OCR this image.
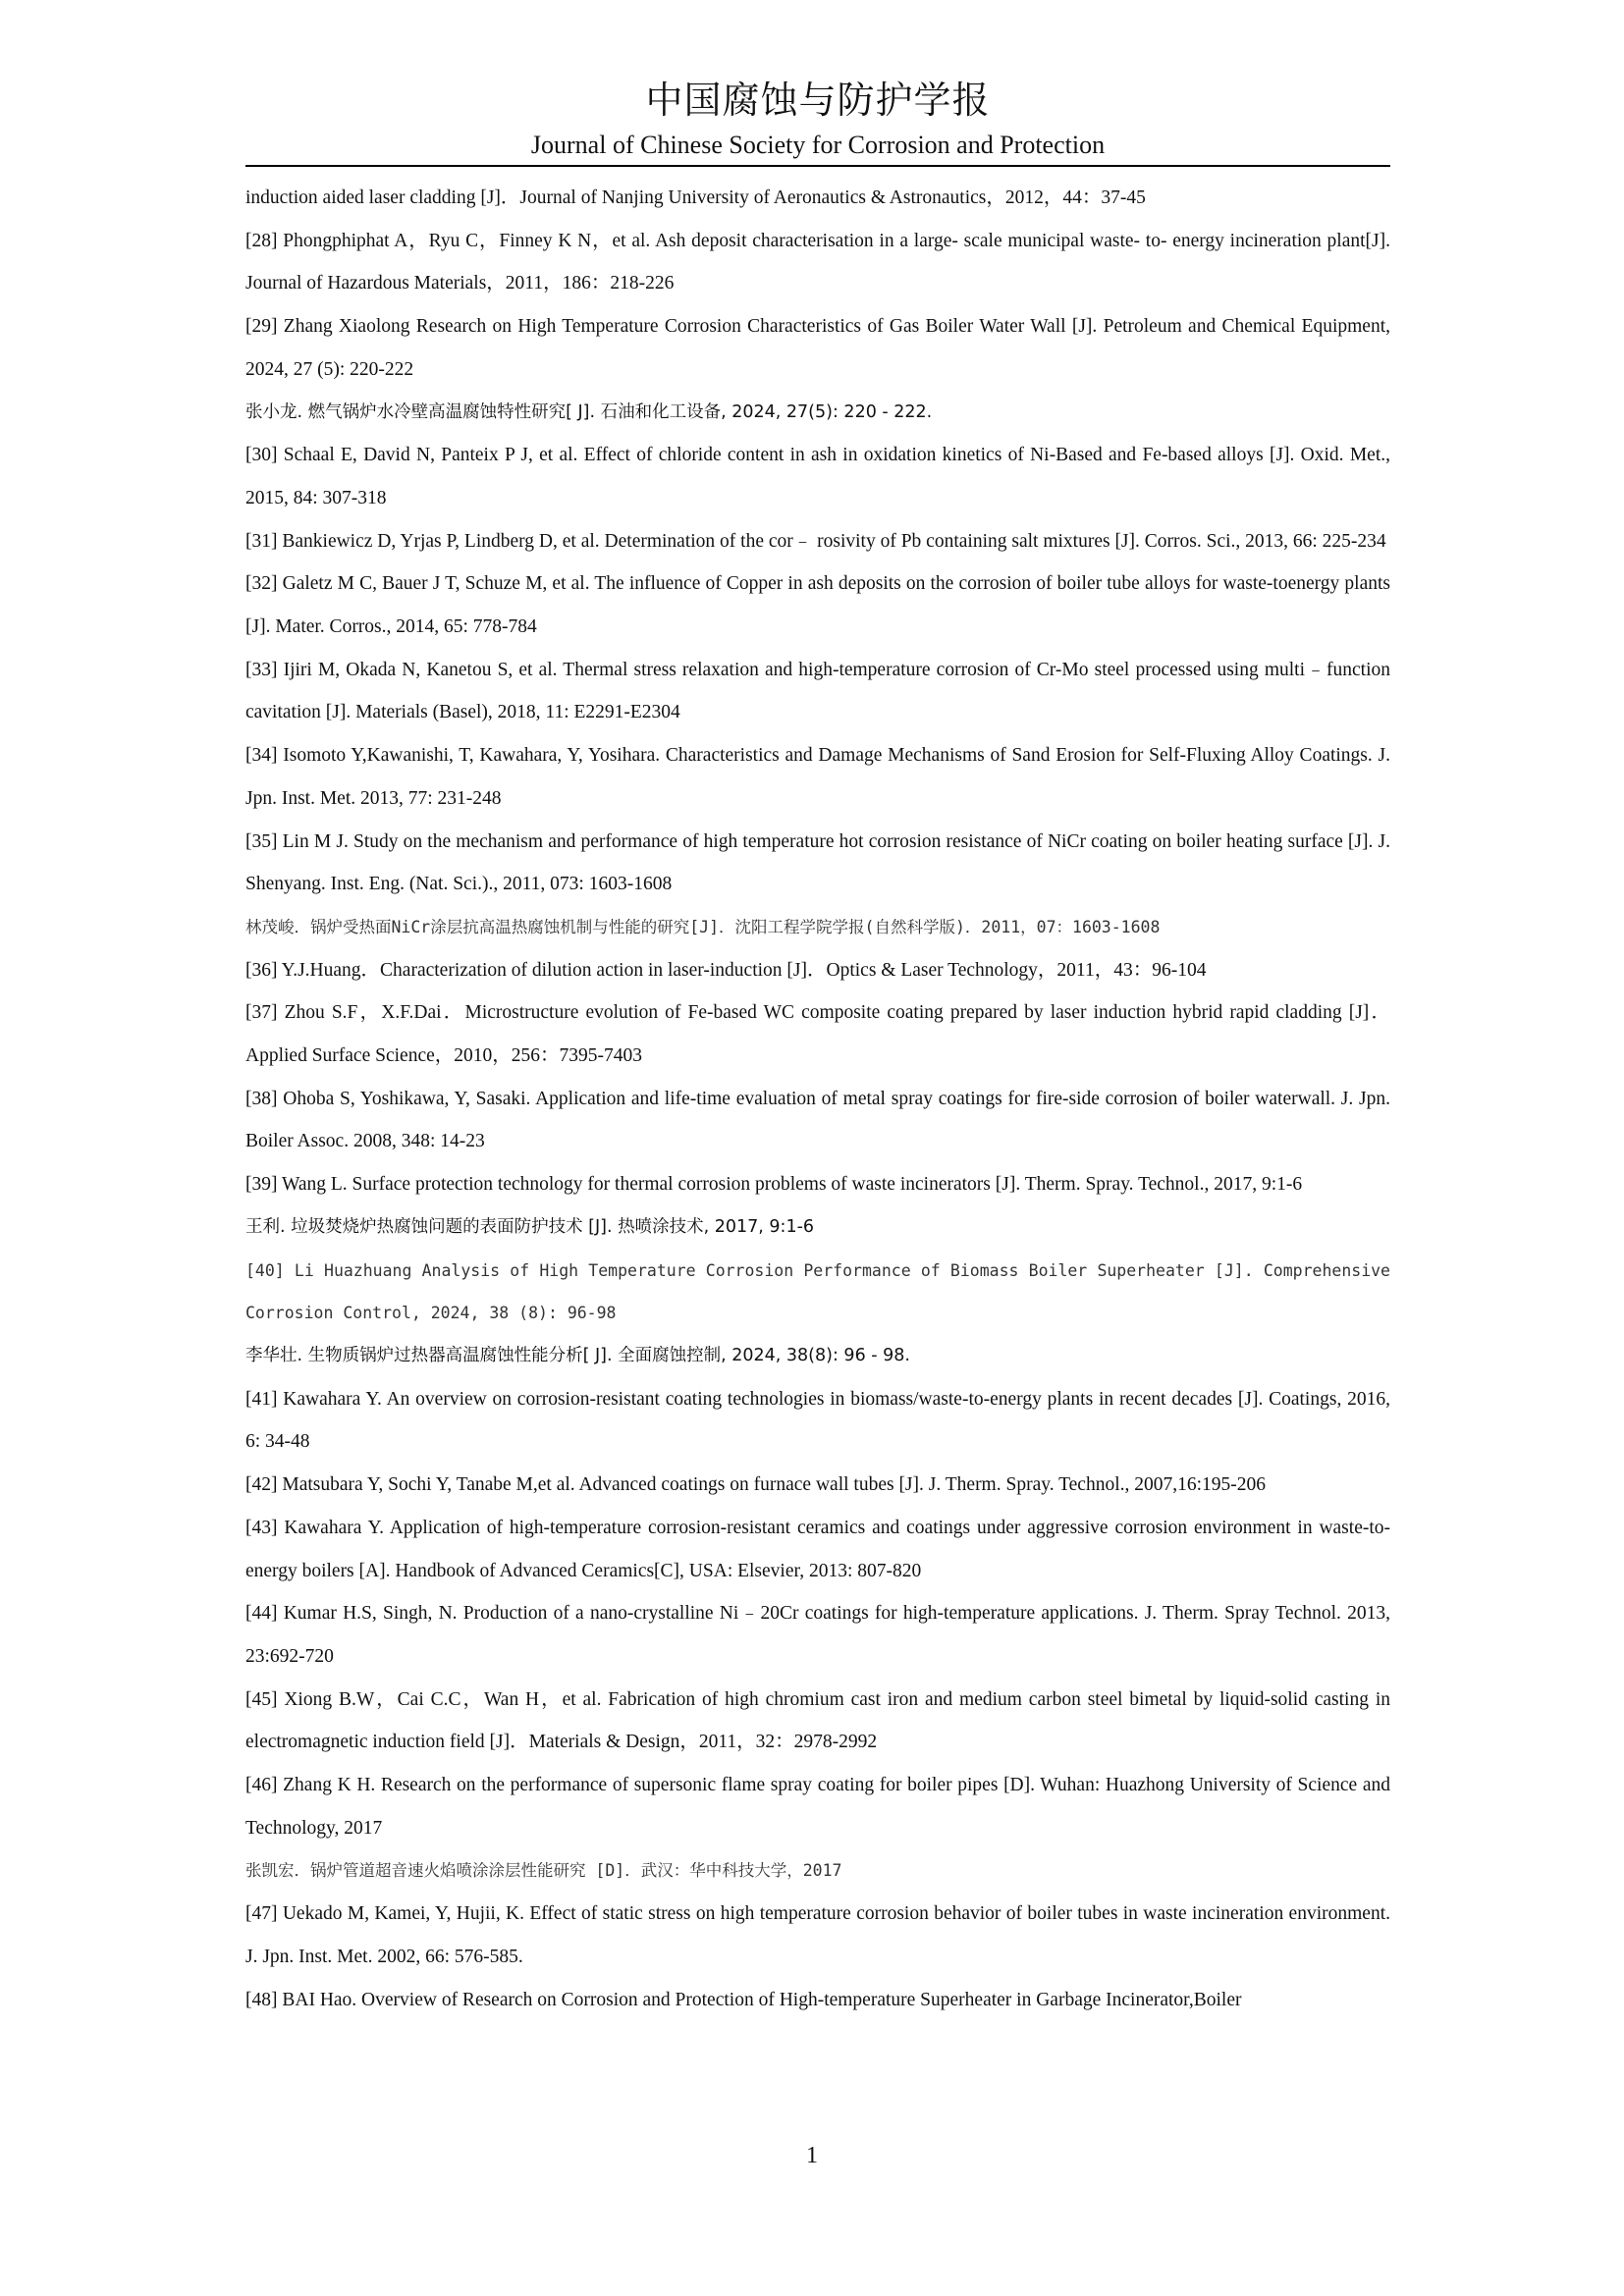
中国腐蚀与防护学报
Journal of Chinese Society for Corrosion and Protection
induction aided laser cladding [J]．Journal of Nanjing University of Aeronautics & Astronautics，2012，44：37-45
[28] Phongphiphat A，Ryu C，Finney K N，et al. Ash deposit characterisation in a large- scale municipal waste- to- energy incineration plant[J]. Journal of Hazardous Materials，2011，186：218-226
[29] Zhang Xiaolong Research on High Temperature Corrosion Characteristics of Gas Boiler Water Wall [J]. Petroleum and Chemical Equipment, 2024, 27 (5): 220-222
张小龙. 燃气锅炉水冷壁高温腐蚀特性研究[ J]. 石油和化工设备, 2024, 27(5): 220 - 222.
[30] Schaal E, David N, Panteix P J, et al. Effect of chloride content in ash in oxidation kinetics of Ni-Based and Fe-based alloys [J]. Oxid. Met., 2015, 84: 307-318
[31] Bankiewicz D, Yrjas P, Lindberg D, et al. Determination of the cor﹣ rosivity of Pb containing salt mixtures [J]. Corros. Sci., 2013, 66: 225-234
[32] Galetz M C, Bauer J T, Schuze M, et al. The influence of Copper in ash deposits on the corrosion of boiler tube alloys for waste-toenergy plants [J]. Mater. Corros., 2014, 65: 778-784
[33] Ijiri M, Okada N, Kanetou S, et al. Thermal stress relaxation and high-temperature corrosion of Cr-Mo steel processed using multi﹣function cavitation [J]. Materials (Basel), 2018, 11: E2291-E2304
[34] Isomoto Y,Kawanishi, T, Kawahara, Y, Yosihara. Characteristics and Damage Mechanisms of Sand Erosion for Self-Fluxing Alloy Coatings. J. Jpn. Inst. Met. 2013, 77: 231-248
[35] Lin M J. Study on the mechanism and performance of high temperature hot corrosion resistance of NiCr coating on boiler heating surface [J]. J. Shenyang. Inst. Eng. (Nat. Sci.)., 2011, 073: 1603-1608
林茂峻．锅炉受热面NiCr涂层抗高温热腐蚀机制与性能的研究[J]．沈阳工程学院学报(自然科学版)．2011，07：1603-1608
[36] Y.J.Huang．Characterization of dilution action in laser-induction [J]．Optics & Laser Technology，2011，43：96-104
[37] Zhou S.F，X.F.Dai．Microstructure evolution of Fe-based WC composite coating prepared by laser induction hybrid rapid cladding [J]．Applied Surface Science，2010，256：7395-7403
[38] Ohoba S, Yoshikawa, Y, Sasaki. Application and life-time evaluation of metal spray coatings for fire-side corrosion of boiler waterwall. J. Jpn. Boiler Assoc. 2008, 348: 14-23
[39] Wang L. Surface protection technology for thermal corrosion problems of waste incinerators [J]. Therm. Spray. Technol., 2017, 9:1-6
王利. 垃圾焚烧炉热腐蚀问题的表面防护技术 [J]. 热喷涂技术, 2017, 9:1-6
[40] Li Huazhuang Analysis of High Temperature Corrosion Performance of Biomass Boiler Superheater [J]. Comprehensive Corrosion Control, 2024, 38 (8): 96-98
李华壮. 生物质锅炉过热器高温腐蚀性能分析[ J]. 全面腐蚀控制, 2024, 38(8): 96 - 98.
[41] Kawahara Y. An overview on corrosion-resistant coating technologies in biomass/waste-to-energy plants in recent decades [J]. Coatings, 2016, 6: 34-48
[42] Matsubara Y, Sochi Y, Tanabe M,et al. Advanced coatings on furnace wall tubes [J]. J. Therm. Spray. Technol., 2007,16:195-206
[43] Kawahara Y. Application of high-temperature corrosion-resistant ceramics and coatings under aggressive corrosion environment in waste-to-energy boilers [A]. Handbook of Advanced Ceramics[C], USA: Elsevier, 2013: 807-820
[44] Kumar H.S, Singh, N. Production of a nano-crystalline Ni﹣20Cr coatings for high-temperature applications. J. Therm. Spray Technol. 2013, 23:692-720
[45] Xiong B.W，Cai C.C，Wan H，et al. Fabrication of high chromium cast iron and medium carbon steel bimetal by liquid-solid casting in electromagnetic induction field [J]．Materials & Design，2011，32：2978-2992
[46] Zhang K H. Research on the performance of supersonic flame spray coating for boiler pipes [D]. Wuhan: Huazhong University of Science and Technology, 2017
张凯宏．锅炉管道超音速火焰喷涂涂层性能研究 [D]．武汉：华中科技大学，2017
[47] Uekado M, Kamei, Y, Hujii, K. Effect of static stress on high temperature corrosion behavior of boiler tubes in waste incineration environment. J. Jpn. Inst. Met. 2002, 66: 576-585.
[48] BAI Hao. Overview of Research on Corrosion and Protection of High-temperature Superheater in Garbage Incinerator,Boiler
1
